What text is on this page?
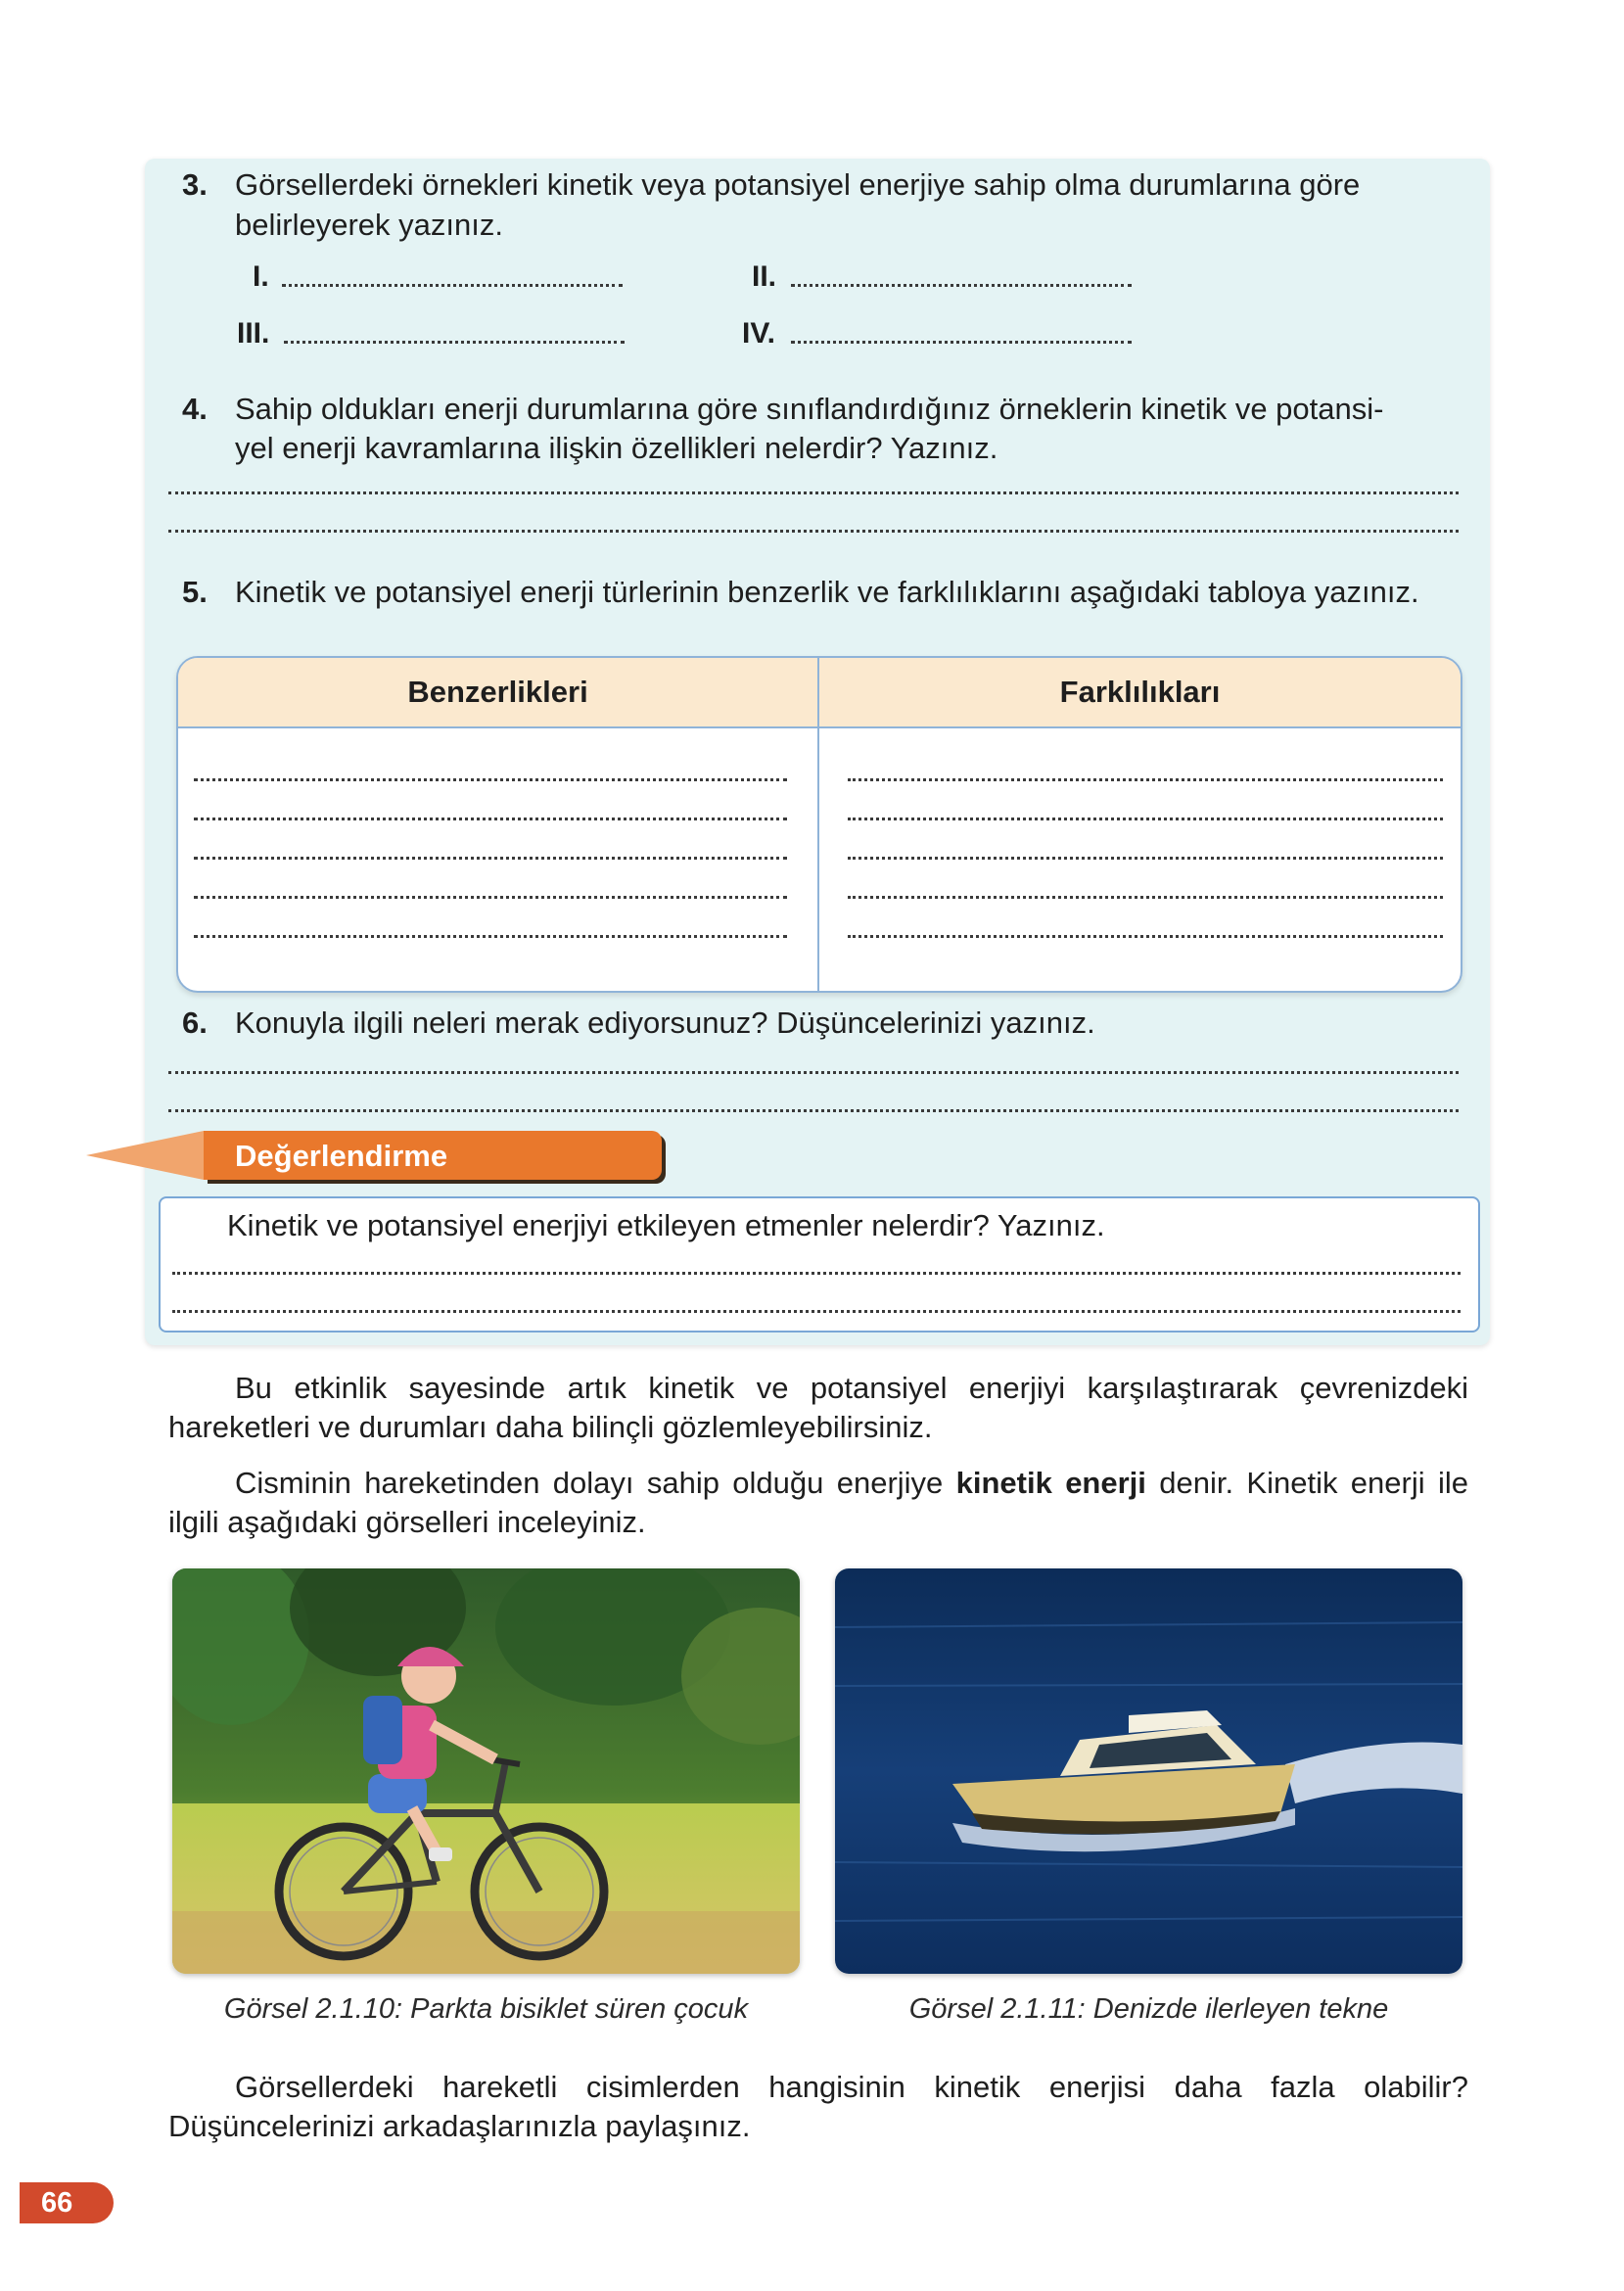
3. Görsellerdeki örnekleri kinetik veya potansiyel enerjiye sahip olma durumlarına göre
belirleyerek yazınız.
I.	II.
III.	IV.
4. Sahip oldukları enerji durumlarına göre sınıflandırdığınız örneklerin kinetik ve potansi-
yel enerji kavramlarına ilişkin özellikleri nelerdir? Yazınız.
5. Kinetik ve potansiyel enerji türlerinin benzerlik ve farklılıklarını aşağıdaki tabloya yazınız.
Benzerlikleri	Farklılıkları
6. Konuyla ilgili neleri merak ediyorsunuz? Düşüncelerinizi yazınız.
Değerlendirme
Kinetik ve potansiyel enerjiyi etkileyen etmenler nelerdir? Yazınız.
Bu etkinlik sayesinde artık kinetik ve potansiyel enerjiyi karşılaştırarak çevrenizdeki hareketleri ve durumları daha bilinçli gözlemleyebilirsiniz.
Cisminin hareketinden dolayı sahip olduğu enerjiye kinetik enerji denir. Kinetik enerji ile ilgili aşağıdaki görselleri inceleyiniz.
Görsel 2.1.10: Parkta bisiklet süren çocuk	Görsel 2.1.11: Denizde ilerleyen tekne
Görsellerdeki hareketli cisimlerden hangisinin kinetik enerjisi daha fazla olabilir? Düşüncelerinizi arkadaşlarınızla paylaşınız.
66
